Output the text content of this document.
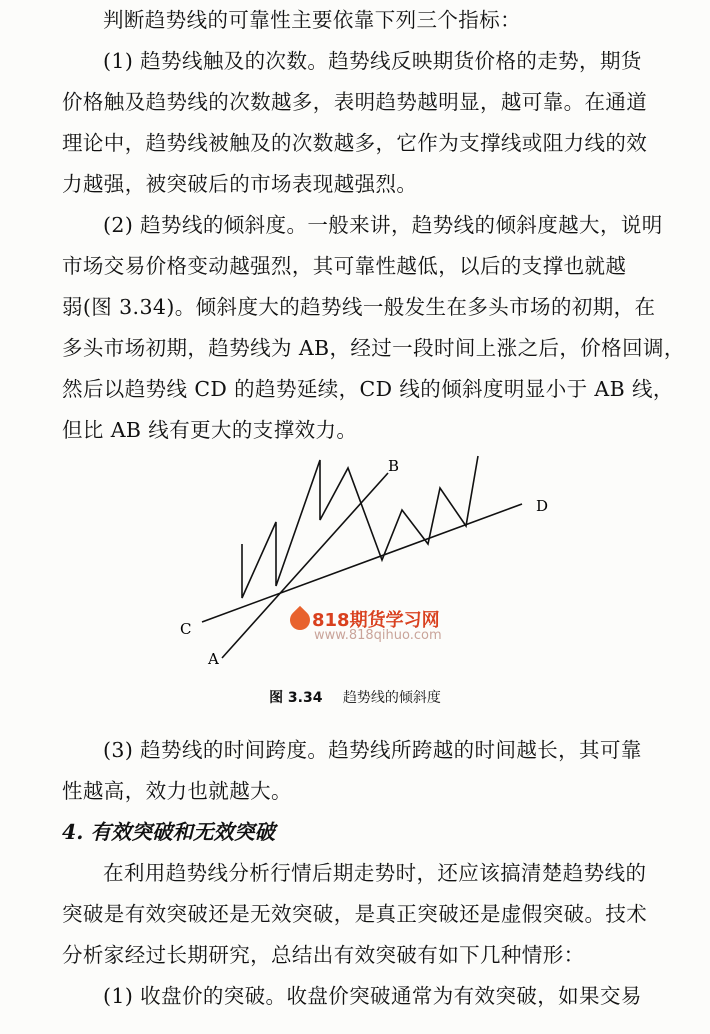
判断趋势线的可靠性主要依靠下列三个指标：

(1) 趋势线触及的次数。趋势线反映期货价格的走势，期货
价格触及趋势线的次数越多，表明趋势越明显，越可靠。在通道
理论中，趋势线被触及的次数越多，它作为支撑线或阻力线的效
力越强，被突破后的市场表现越强烈。

(2) 趋势线的倾斜度。一般来讲，趋势线的倾斜度越大，说明
市场交易价格变动越强烈，其可靠性越低，以后的支撑也就越
弱(图 3.34)。倾斜度大的趋势线一般发生在多头市场的初期，在
多头市场初期，趋势线为 AB，经过一段时间上涨之后，价格回调，
然后以趋势线 CD 的趋势延续，CD 线的倾斜度明显小于 AB 线，
但比 AB 线有更大的支撑效力。

A
B
C
D
818期货学习网
www.818qihuo.com
图 3.34 趋势线的倾斜度

(3) 趋势线的时间跨度。趋势线所跨越的时间越长，其可靠
性越高，效力也就越大。

4. 有效突破和无效突破

在利用趋势线分析行情后期走势时，还应该搞清楚趋势线的
突破是有效突破还是无效突破，是真正突破还是虚假突破。技术
分析家经过长期研究，总结出有效突破有如下几种情形：

(1) 收盘价的突破。收盘价突破通常为有效突破，如果交易
